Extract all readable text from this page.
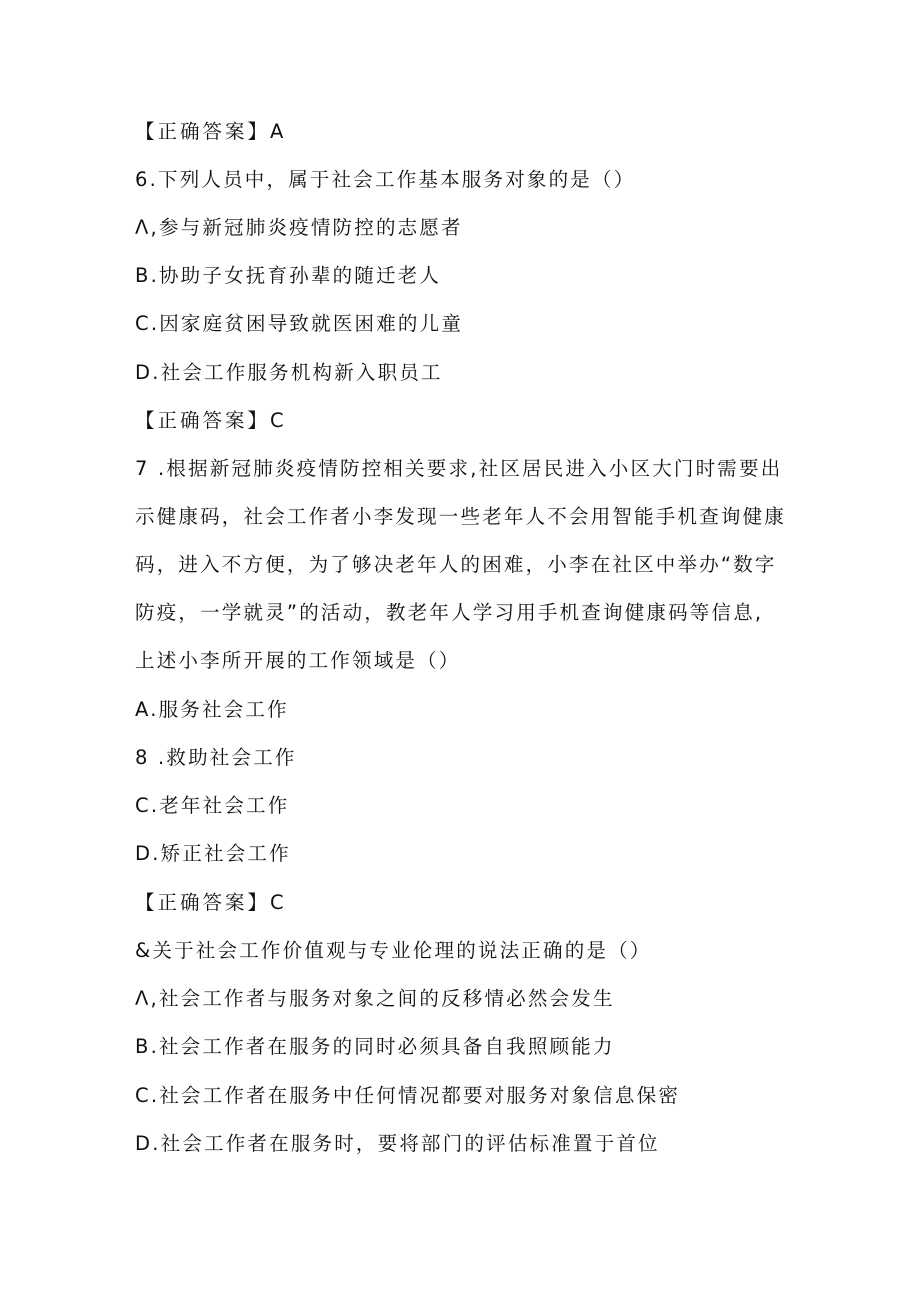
【正确答案】A
6.下列人员中，属于社会工作基本服务对象的是（）
Λ,参与新冠肺炎疫情防控的志愿者
B.协助子女抚育孙辈的随迁老人
C.因家庭贫困导致就医困难的儿童
D.社会工作服务机构新入职员工
【正确答案】C
7 .根据新冠肺炎疫情防控相关要求,社区居民进入小区大门时需要出
示健康码，社会工作者小李发现一些老年人不会用智能手机查询健康
码，进入不方便，为了够决老年人的困难，小李在社区中举办“数字
防疫，一学就灵”的活动，教老年人学习用手机查询健康码等信息,
上述小李所开展的工作领域是（）
A.服务社会工作
8 .救助社会工作
C.老年社会工作
D.矫正社会工作
【正确答案】C
&关于社会工作价值观与专业伦理的说法正确的是（）
Λ,社会工作者与服务对象之间的反移情必然会发生
B.社会工作者在服务的同时必须具备自我照顾能力
C.社会工作者在服务中任何情况都要对服务对象信息保密
D.社会工作者在服务时，要将部门的评估标准置于首位
